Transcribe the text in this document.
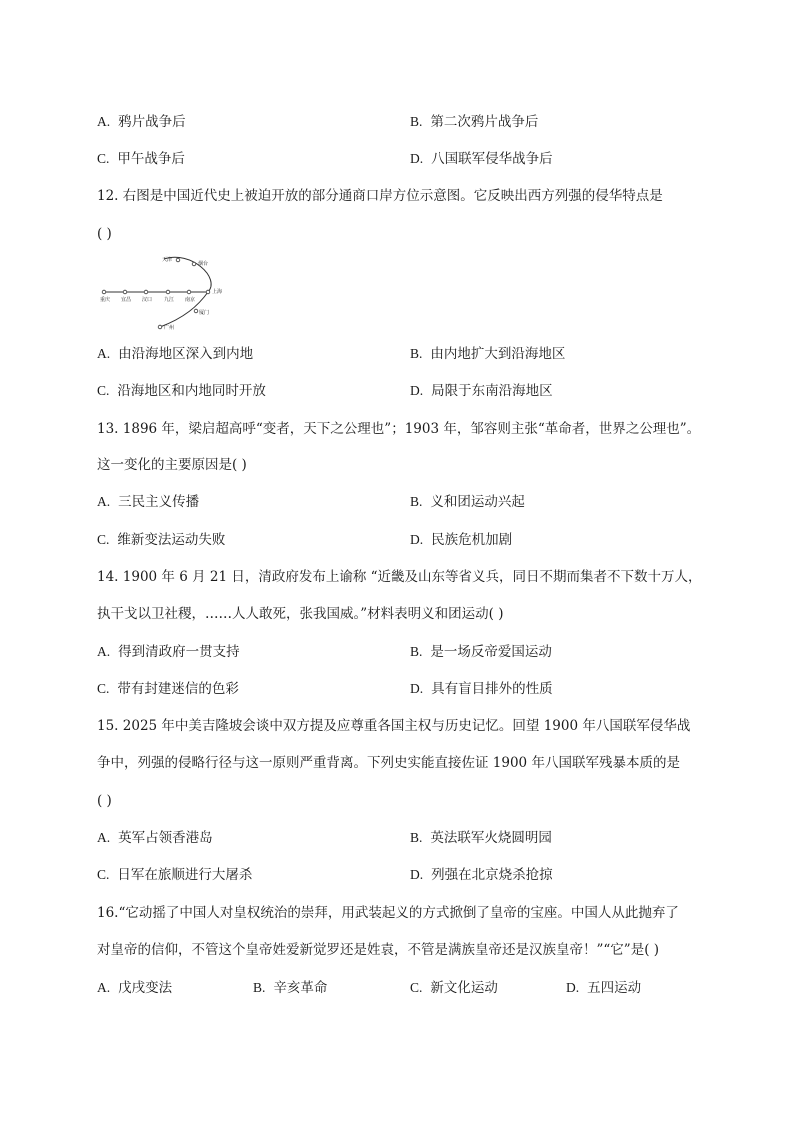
A. 鸦片战争后	B. 第二次鸦片战争后
C. 甲午战争后	D. 八国联军侵华战争后
12. 右图是中国近代史上被迫开放的部分通商口岸方位示意图。它反映出西方列强的侵华特点是
( )
天津
烟台
上海
厦门
广州
重庆 宜昌 汉口 九江 南京
A. 由沿海地区深入到内地	B. 由内地扩大到沿海地区
C. 沿海地区和内地同时开放	D. 局限于东南沿海地区
13. 1896 年，梁启超高呼“变者，天下之公理也”；1903 年，邹容则主张“革命者，世界之公理也”。
这一变化的主要原因是( )
A. 三民主义传播	B. 义和团运动兴起
C. 维新变法运动失败	D. 民族危机加剧
14. 1900 年 6 月 21 日，清政府发布上谕称 “近畿及山东等省义兵，同日不期而集者不下数十万人，
执干戈以卫社稷，……人人敢死，张我国威。”材料表明义和团运动( )
A. 得到清政府一贯支持	B. 是一场反帝爱国运动
C. 带有封建迷信的色彩	D. 具有盲目排外的性质
15. 2025 年中美吉隆坡会谈中双方提及应尊重各国主权与历史记忆。回望 1900 年八国联军侵华战
争中，列强的侵略行径与这一原则严重背离。下列史实能直接佐证 1900 年八国联军残暴本质的是
( )
A. 英军占领香港岛	B. 英法联军火烧圆明园
C. 日军在旅顺进行大屠杀	D. 列强在北京烧杀抢掠
16.“它动摇了中国人对皇权统治的崇拜，用武装起义的方式掀倒了皇帝的宝座。中国人从此抛弃了
对皇帝的信仰，不管这个皇帝姓爱新觉罗还是姓袁，不管是满族皇帝还是汉族皇帝！”“它”是( )
A. 戊戌变法	B. 辛亥革命	C. 新文化运动	D. 五四运动
